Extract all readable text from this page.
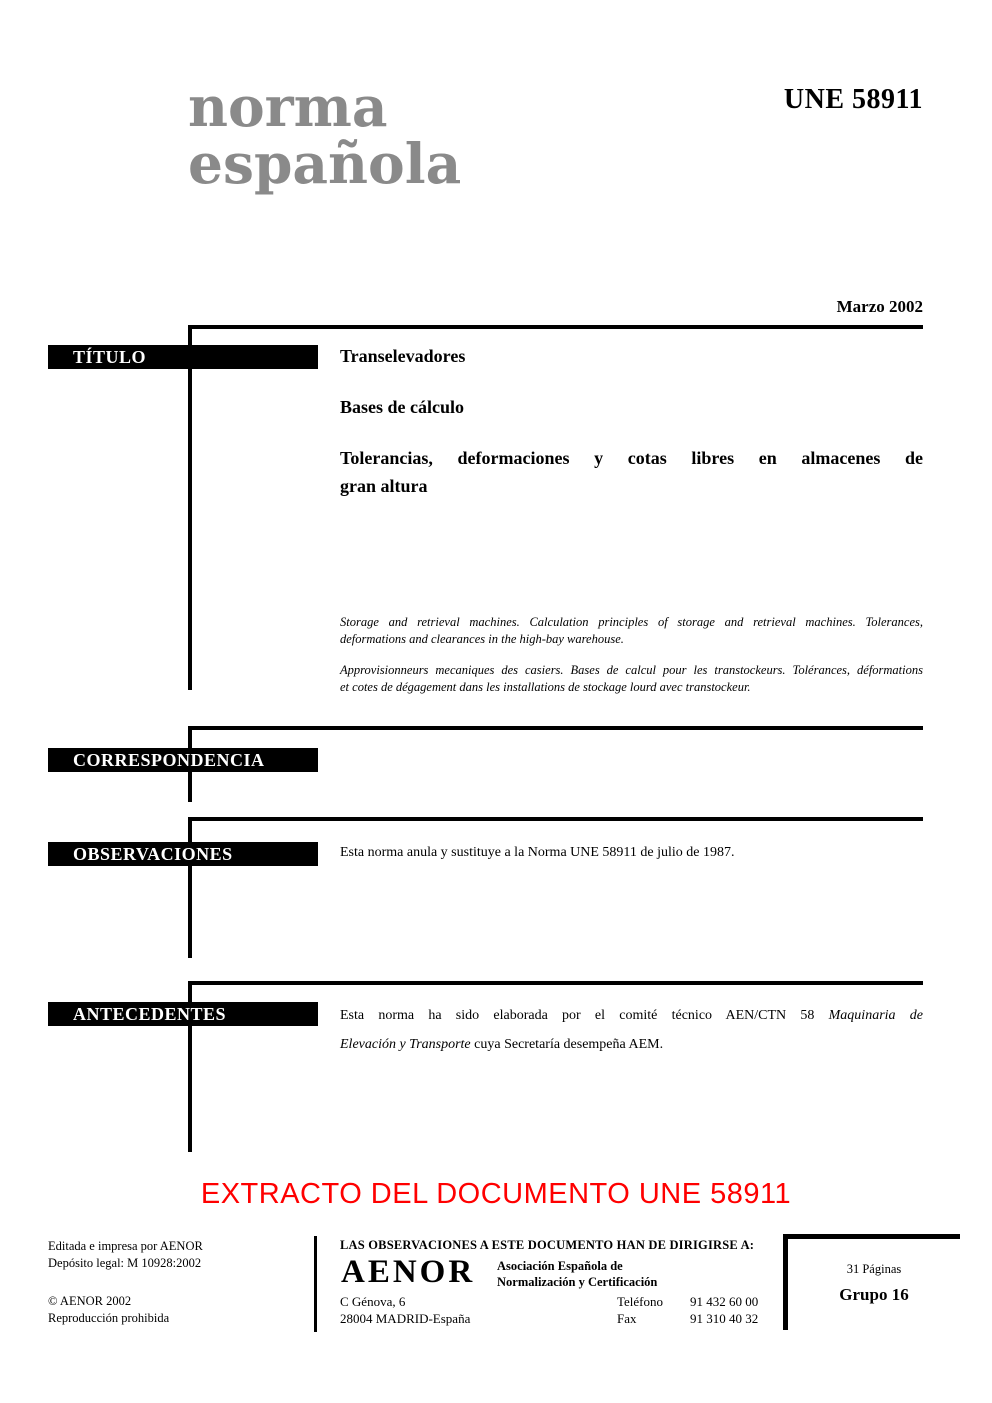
norma
española
UNE 58911
Marzo 2002
TÍTULO	Transelevadores
Bases de cálculo
Tolerancias, deformaciones y cotas libres en almacenes de
gran altura
Storage and retrieval machines. Calculation principles of storage and retrieval machines. Tolerances,
deformations and clearances in the high-bay warehouse.
Approvisionneurs mecaniques des casiers. Bases de calcul pour les transtockeurs. Tolérances, déformations
et cotes de dégagement dans les installations de stockage lourd avec transtockeur.
CORRESPONDENCIA
OBSERVACIONES	Esta norma anula y sustituye a la Norma UNE 58911 de julio de 1987.
ANTECEDENTES	Esta norma ha sido elaborada por el comité técnico AEN/CTN 58 Maquinaria de
Elevación y Transporte cuya Secretaría desempeña AEM.
EXTRACTO DEL DOCUMENTO UNE 58911
Editada e impresa por AENOR
Depósito legal: M 10928:2002
© AENOR 2002
Reproducción prohibida
LAS OBSERVACIONES A ESTE DOCUMENTO HAN DE DIRIGIRSE A:
AENOR Asociación Española de
Normalización y Certificación
C Génova, 6
28004 MADRID-España
Teléfono	91 432 60 00
Fax	91 310 40 32
31 Páginas
Grupo 16
